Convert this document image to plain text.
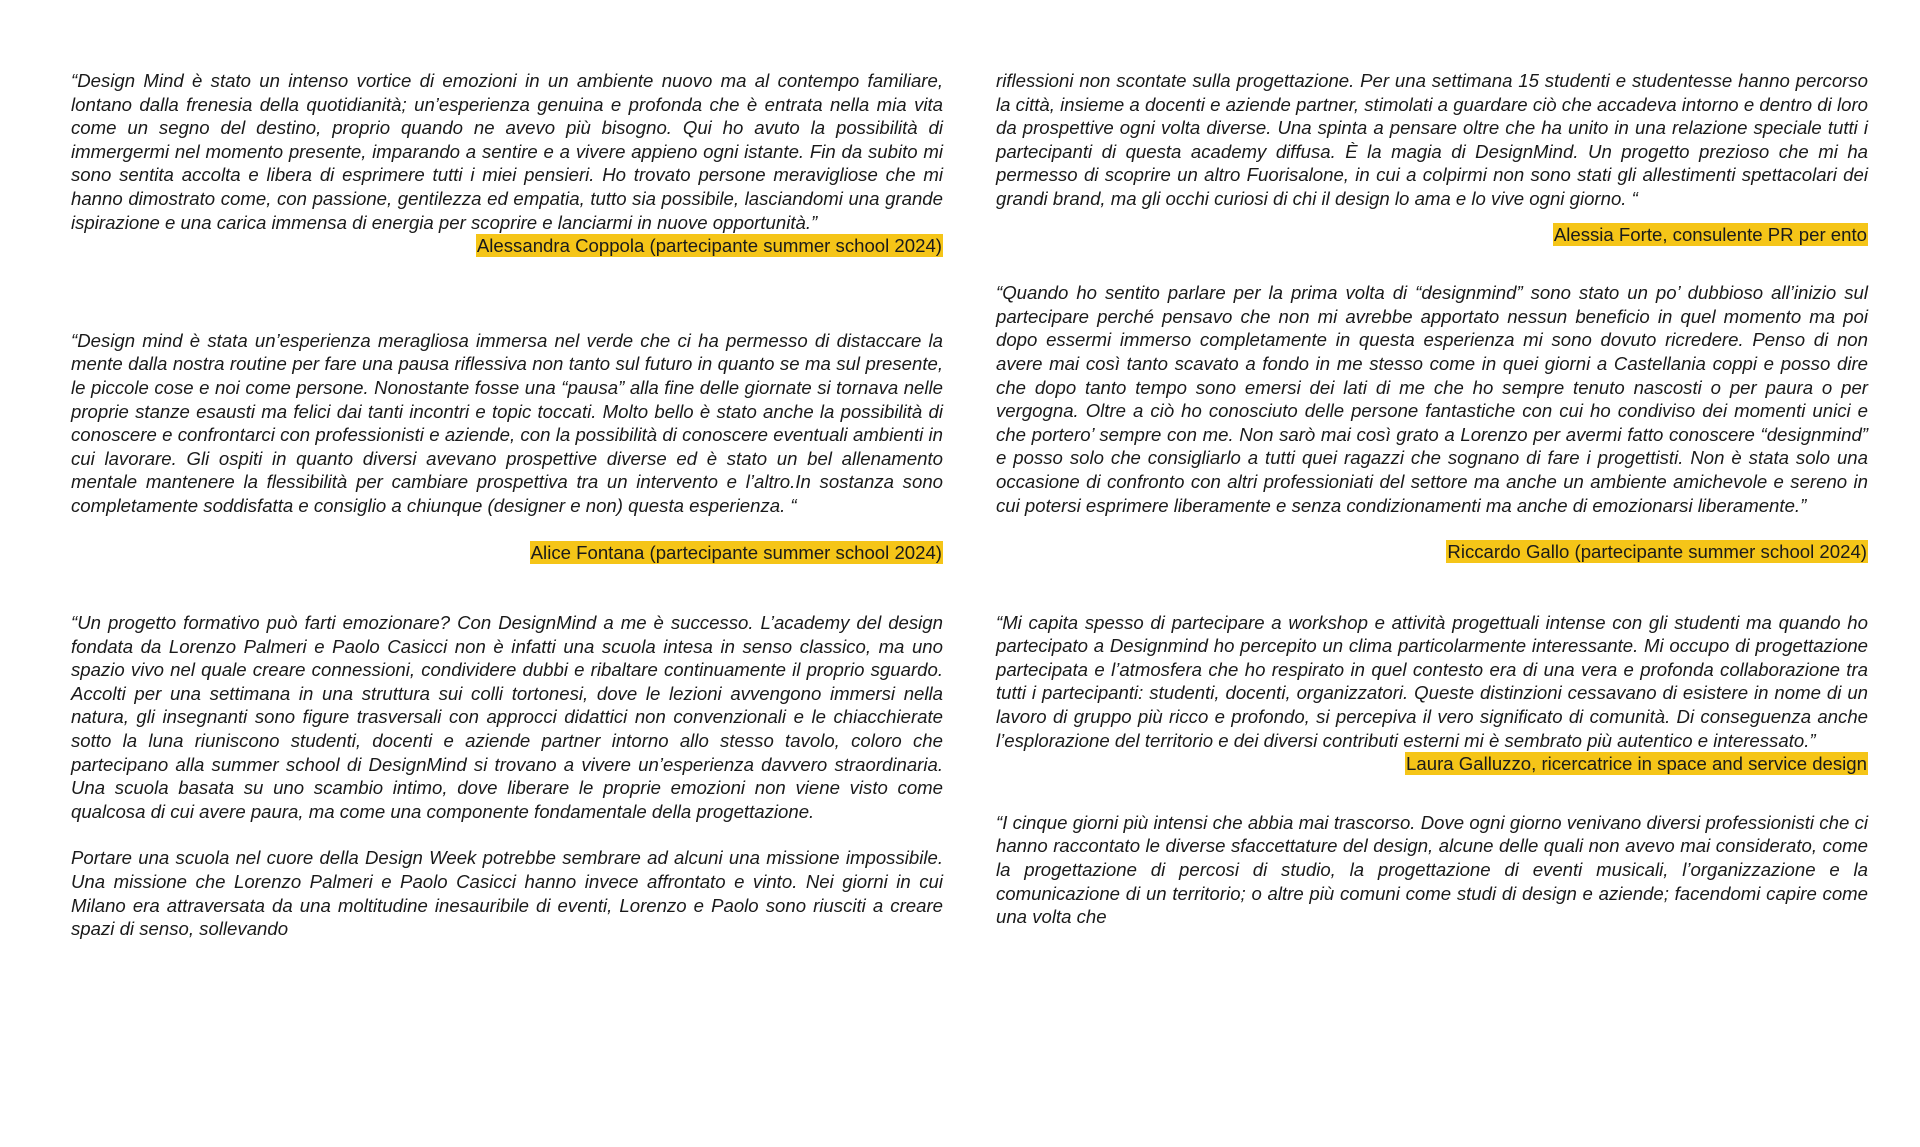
“Design Mind è stato un intenso vortice di emozioni in un ambiente nuovo ma al contempo familiare, lontano dalla frenesia della quotidianità; un’esperienza genuina e profonda che è entrata nella mia vita come un segno del destino, proprio quando ne avevo più bisogno. Qui ho avuto la possibilità di immergermi nel momento presente, imparando a sentire e a vivere appieno ogni istante. Fin da subito mi sono sentita accolta e libera di esprimere tutti i miei pensieri. Ho trovato persone meravigliose che mi hanno dimostrato come, con passione, gentilezza ed empatia, tutto sia possibile, lasciandomi una grande ispirazione e una carica immensa di energia per scoprire e lanciarmi in nuove opportunità.”

Alessandra Coppola (partecipante summer school 2024)

“Design mind è stata un’esperienza meragliosa immersa nel verde che ci ha permesso di distaccare la mente dalla nostra routine per fare una pausa riflessiva non tanto sul futuro in quanto se ma sul presente, le piccole cose e noi come persone. Nonostante fosse una “pausa” alla fine delle giornate si tornava nelle proprie stanze esausti ma felici dai tanti incontri e topic toccati. Molto bello è stato anche la possibilità di conoscere e confrontarci con professionisti e aziende, con la possibilità di conoscere eventuali ambienti in cui lavorare. Gli ospiti in quanto diversi avevano prospettive diverse ed è stato un bel allenamento mentale mantenere la flessibilità per cambiare prospettiva tra un intervento e l’altro.In sostanza sono completamente soddisfatta e consiglio a chiunque (designer e non) questa esperienza. “

Alice Fontana (partecipante summer school 2024)

“Un progetto formativo può farti emozionare? Con DesignMind a me è successo. L’academy del design fondata da Lorenzo Palmeri e Paolo Casicci non è infatti una scuola intesa in senso classico, ma uno spazio vivo nel quale creare connessioni, condividere dubbi e ribaltare continuamente il proprio sguardo. Accolti per una settimana in una struttura sui colli tortonesi, dove le lezioni avvengono immersi nella natura, gli insegnanti sono figure trasversali con approcci didattici non convenzionali e le chiacchierate sotto la luna riuniscono studenti, docenti e aziende partner intorno allo stesso tavolo, coloro che partecipano alla summer school di DesignMind si trovano a vivere un’esperienza davvero straordinaria. Una scuola basata su uno scambio intimo, dove liberare le proprie emozioni non viene visto come qualcosa di cui avere paura, ma come una componente fondamentale della progettazione.

Portare una scuola nel cuore della Design Week potrebbe sembrare ad alcuni una missione impossibile. Una missione che Lorenzo Palmeri e Paolo Casicci hanno invece affrontato e vinto. Nei giorni in cui Milano era attraversata da una moltitudine inesauribile di eventi, Lorenzo e Paolo sono riusciti a creare spazi di senso, sollevando

riflessioni non scontate sulla progettazione. Per una settimana 15 studenti e studentesse hanno percorso la città, insieme a docenti e aziende partner, stimolati a guardare ciò che accadeva intorno e dentro di loro da prospettive ogni volta diverse. Una spinta a pensare oltre che ha unito in una relazione speciale tutti i partecipanti di questa academy diffusa. È la magia di DesignMind. Un progetto prezioso che mi ha permesso di scoprire un altro Fuorisalone, in cui a colpirmi non sono stati gli allestimenti spettacolari dei grandi brand, ma gli occhi curiosi di chi il design lo ama e lo vive ogni giorno. “

Alessia Forte, consulente PR per ento

“Quando ho sentito parlare per la prima volta di “designmind” sono stato un po’ dubbioso all’inizio sul partecipare perché pensavo che non mi avrebbe apportato nessun beneficio in quel momento ma poi dopo essermi immerso completamente in questa esperienza mi sono dovuto ricredere. Penso di non avere mai così tanto scavato a fondo in me stesso come in quei giorni a Castellania coppi e posso dire che dopo tanto tempo sono emersi dei lati di me che ho sempre tenuto nascosti o per paura o per vergogna. Oltre a ciò ho conosciuto delle persone fantastiche con cui ho condiviso dei momenti unici e che portero’ sempre con me. Non sarò mai così grato a Lorenzo per avermi fatto conoscere “designmind” e posso solo che consigliarlo a tutti quei ragazzi che sognano di fare i progettisti. Non è stata solo una occasione di confronto con altri professioniati del settore ma anche un ambiente amichevole e sereno in cui potersi esprimere liberamente e senza condizionamenti ma anche di emozionarsi liberamente.”

Riccardo Gallo (partecipante summer school 2024)

“Mi capita spesso di partecipare a workshop e attività progettuali intense con gli studenti ma quando ho partecipato a Designmind ho percepito un clima particolarmente interessante. Mi occupo di progettazione partecipata e l’atmosfera che ho respirato in quel contesto era di una vera e profonda collaborazione tra tutti i partecipanti: studenti, docenti, organizzatori. Queste distinzioni cessavano di esistere in nome di un lavoro di gruppo più ricco e profondo, si percepiva il vero significato di comunità. Di conseguenza anche l’esplorazione del territorio e dei diversi contributi esterni mi è sembrato più autentico e interessato.”

Laura Galluzzo, ricercatrice in space and service design

“I cinque giorni più intensi che abbia mai trascorso. Dove ogni giorno venivano diversi professionisti che ci hanno raccontato le diverse sfaccettature del design, alcune delle quali non avevo mai considerato, come la progettazione di percosi di studio, la progettazione di eventi musicali, l’organizzazione e la comunicazione di un territorio; o altre più comuni come studi di design e aziende; facendomi capire come una volta che
